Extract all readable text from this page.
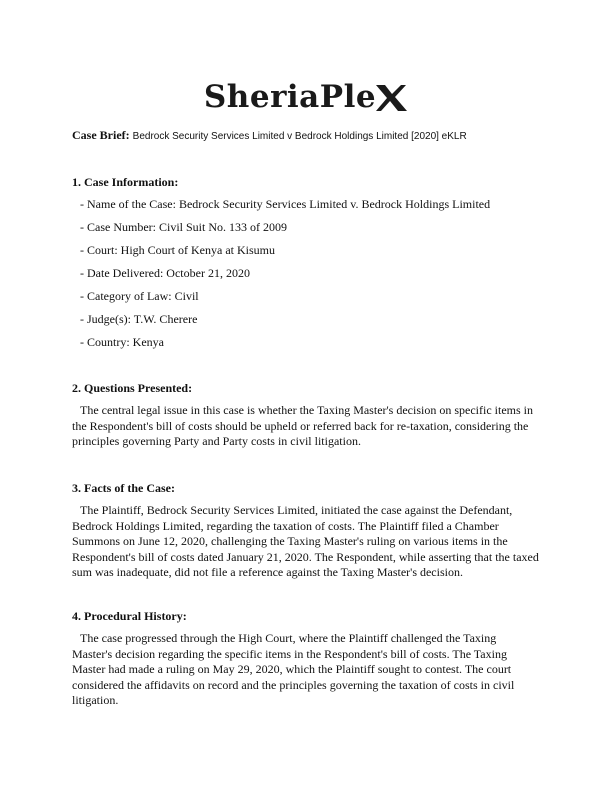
SheriaPle
Case Brief: Bedrock Security Services Limited v Bedrock Holdings Limited [2020] eKLR
1. Case Information:
- Name of the Case: Bedrock Security Services Limited v. Bedrock Holdings Limited
- Case Number: Civil Suit No. 133 of 2009
- Court: High Court of Kenya at Kisumu
- Date Delivered: October 21, 2020
- Category of Law: Civil
- Judge(s): T.W. Cherere
- Country: Kenya
2. Questions Presented:
The central legal issue in this case is whether the Taxing Master's decision on specific items in
the Respondent's bill of costs should be upheld or referred back for re-taxation, considering the
principles governing Party and Party costs in civil litigation.
3. Facts of the Case:
The Plaintiff, Bedrock Security Services Limited, initiated the case against the Defendant,
Bedrock Holdings Limited, regarding the taxation of costs. The Plaintiff filed a Chamber
Summons on June 12, 2020, challenging the Taxing Master's ruling on various items in the
Respondent's bill of costs dated January 21, 2020. The Respondent, while asserting that the taxed
sum was inadequate, did not file a reference against the Taxing Master's decision.
4. Procedural History:
The case progressed through the High Court, where the Plaintiff challenged the Taxing
Master's decision regarding the specific items in the Respondent's bill of costs. The Taxing
Master had made a ruling on May 29, 2020, which the Plaintiff sought to contest. The court
considered the affidavits on record and the principles governing the taxation of costs in civil
litigation.
